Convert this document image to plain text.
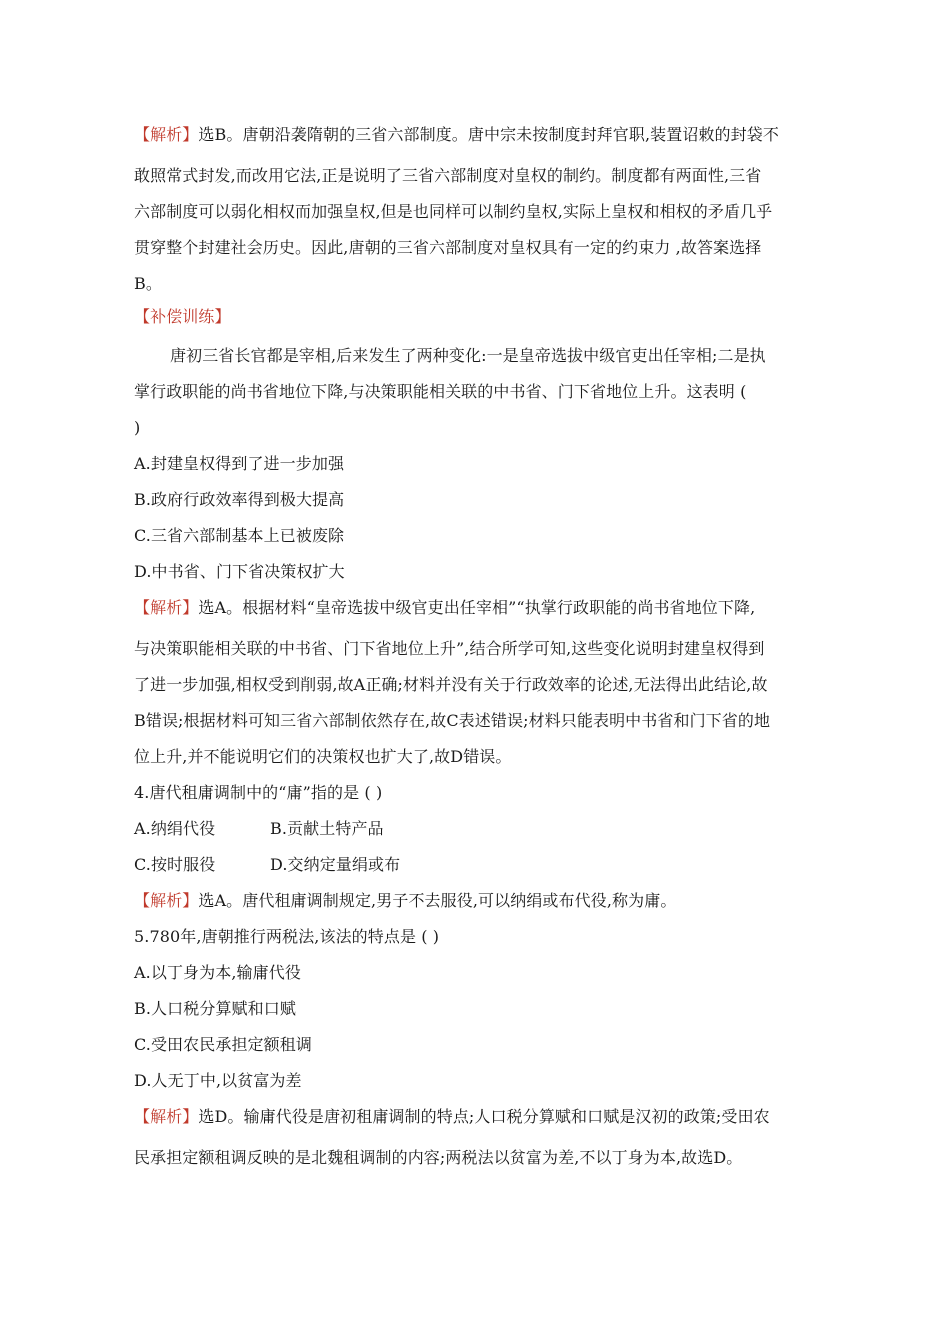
【解析】选B。唐朝沿袭隋朝的三省六部制度。唐中宗未按制度封拜官职,装置诏敕的封袋不
敢照常式封发,而改用它法,正是说明了三省六部制度对皇权的制约。制度都有两面性,三省
六部制度可以弱化相权而加强皇权,但是也同样可以制约皇权,实际上皇权和相权的矛盾几乎
贯穿整个封建社会历史。因此,唐朝的三省六部制度对皇权具有一定的约束力 ,故答案选择
B。
【补偿训练】
唐初三省长官都是宰相,后来发生了两种变化:一是皇帝选拔中级官吏出任宰相;二是执
掌行政职能的尚书省地位下降,与决策职能相关联的中书省、门下省地位上升。这表明 (
)
A.封建皇权得到了进一步加强
B.政府行政效率得到极大提高
C.三省六部制基本上已被废除
D.中书省、门下省决策权扩大
【解析】选A。根据材料“皇帝选拔中级官吏出任宰相”“执掌行政职能的尚书省地位下降,
与决策职能相关联的中书省、门下省地位上升”,结合所学可知,这些变化说明封建皇权得到
了进一步加强,相权受到削弱,故A正确;材料并没有关于行政效率的论述,无法得出此结论,故
B错误;根据材料可知三省六部制依然存在,故C表述错误;材料只能表明中书省和门下省的地
位上升,并不能说明它们的决策权也扩大了,故D错误。
4.唐代租庸调制中的“庸”指的是 ( )
A.纳绢代役	B.贡献土特产品
C.按时服役	D.交纳定量绢或布
【解析】选A。唐代租庸调制规定,男子不去服役,可以纳绢或布代役,称为庸。
5.780年,唐朝推行两税法,该法的特点是 ( )
A.以丁身为本,输庸代役
B.人口税分算赋和口赋
C.受田农民承担定额租调
D.人无丁中,以贫富为差
【解析】选D。输庸代役是唐初租庸调制的特点;人口税分算赋和口赋是汉初的政策;受田农
民承担定额租调反映的是北魏租调制的内容;两税法以贫富为差,不以丁身为本,故选D。
